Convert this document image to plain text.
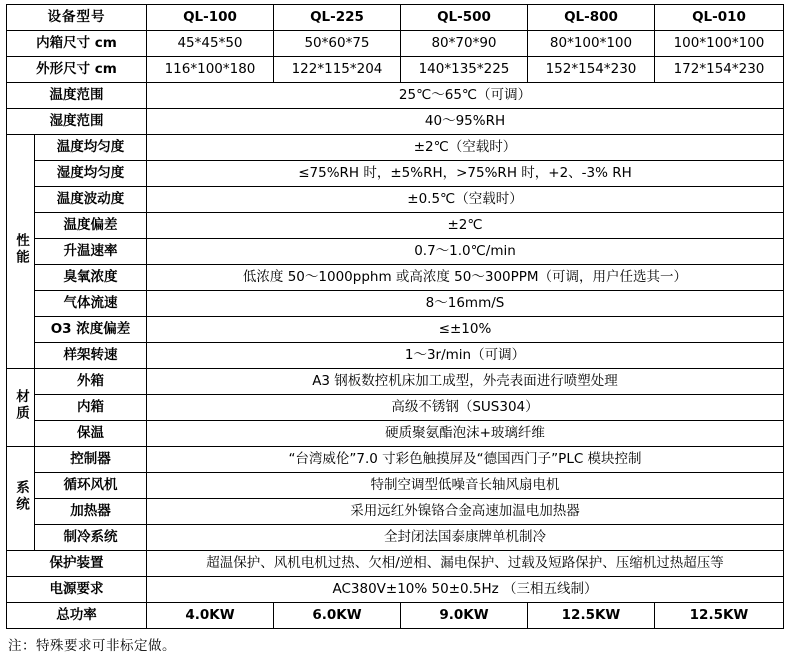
设备型号		QL-100	QL-225	QL-500	QL-800	QL-010
内箱尺寸 cm		45*45*50	50*60*75	80*70*90	80*100*100	100*100*100
外形尺寸 cm		116*100*180	122*115*204	140*135*225	152*154*230	172*154*230
温度范围		25℃～65℃（可调）				
湿度范围		40～95%RH				
性能	温度均匀度	±2℃（空载时）				
	湿度均匀度	≤75%RH 时，±5%RH，>75%RH 时，+2、-3% RH				
	温度波动度	±0.5℃（空载时）				
	温度偏差	±2℃				
	升温速率	0.7～1.0℃/min				
	臭氧浓度	低浓度 50～1000pphm 或高浓度 50～300PPM（可调，用户任选其一）				
	气体流速	8～16mm/S				
	O3 浓度偏差	≤±10%				
	样架转速	1～3r/min（可调）				
材质	外箱	A3 钢板数控机床加工成型，外壳表面进行喷塑处理				
	内箱	高级不锈钢（SUS304）				
	保温	硬质聚氨酯泡沫+玻璃纤维				
系统	控制器	“台湾威伦”7.0 寸彩色触摸屏及“德国西门子”PLC 模块控制				
	循环风机	特制空调型低噪音长轴风扇电机				
	加热器	采用远红外镍铬合金高速加温电加热器				
	制冷系统	全封闭法国泰康牌单机制冷				
保护装置		超温保护、风机电机过热、欠相/逆相、漏电保护、过载及短路保护、压缩机过热超压等				
电源要求		AC380V±10% 50±0.5Hz （三相五线制）				
总功率		4.0KW	6.0KW	9.0KW	12.5KW	12.5KW
注：特殊要求可非标定做。
